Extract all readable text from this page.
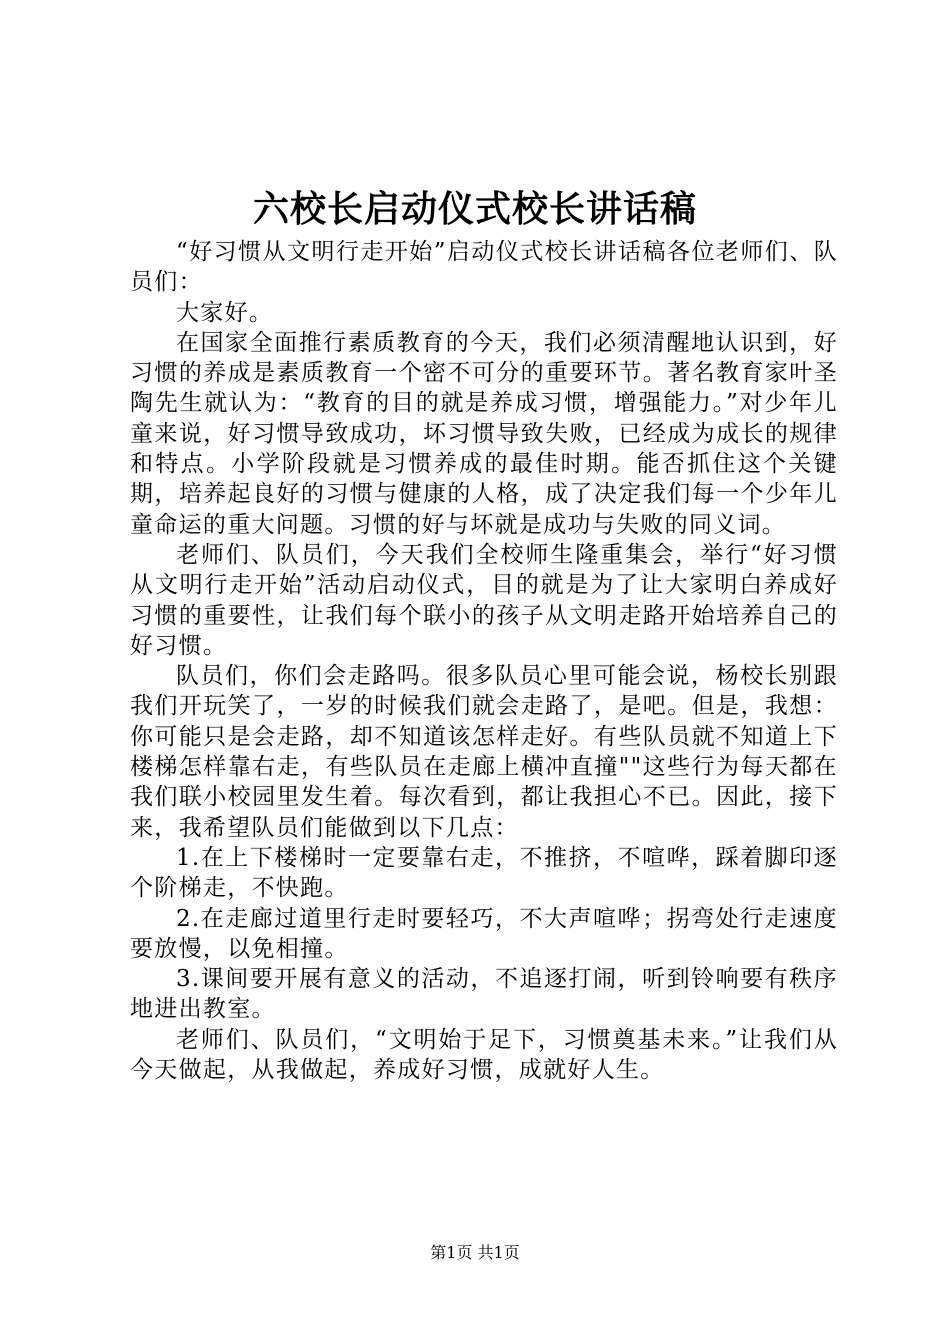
六校长启动仪式校长讲话稿

“好习惯从文明行走开始”启动仪式校长讲话稿各位老师们、队员们：

大家好。

在国家全面推行素质教育的今天，我们必须清醒地认识到，好习惯的养成是素质教育一个密不可分的重要环节。著名教育家叶圣陶先生就认为：“教育的目的就是养成习惯，增强能力。”对少年儿童来说，好习惯导致成功，坏习惯导致失败，已经成为成长的规律和特点。小学阶段就是习惯养成的最佳时期。能否抓住这个关键期，培养起良好的习惯与健康的人格，成了决定我们每一个少年儿童命运的重大问题。习惯的好与坏就是成功与失败的同义词。

老师们、队员们，今天我们全校师生隆重集会，举行“好习惯从文明行走开始”活动启动仪式，目的就是为了让大家明白养成好习惯的重要性，让我们每个联小的孩子从文明走路开始培养自己的好习惯。

队员们，你们会走路吗。很多队员心里可能会说，杨校长别跟我们开玩笑了，一岁的时候我们就会走路了，是吧。但是，我想：你可能只是会走路，却不知道该怎样走好。有些队员就不知道上下楼梯怎样靠右走，有些队员在走廊上横冲直撞""这些行为每天都在我们联小校园里发生着。每次看到，都让我担心不已。因此，接下来，我希望队员们能做到以下几点：

1.在上下楼梯时一定要靠右走，不推挤，不喧哗，踩着脚印逐个阶梯走，不快跑。

2.在走廊过道里行走时要轻巧，不大声喧哗；拐弯处行走速度要放慢，以免相撞。

3.课间要开展有意义的活动，不追逐打闹，听到铃响要有秩序地进出教室。

老师们、队员们，“文明始于足下，习惯奠基未来。”让我们从今天做起，从我做起，养成好习惯，成就好人生。

第1页 共1页
